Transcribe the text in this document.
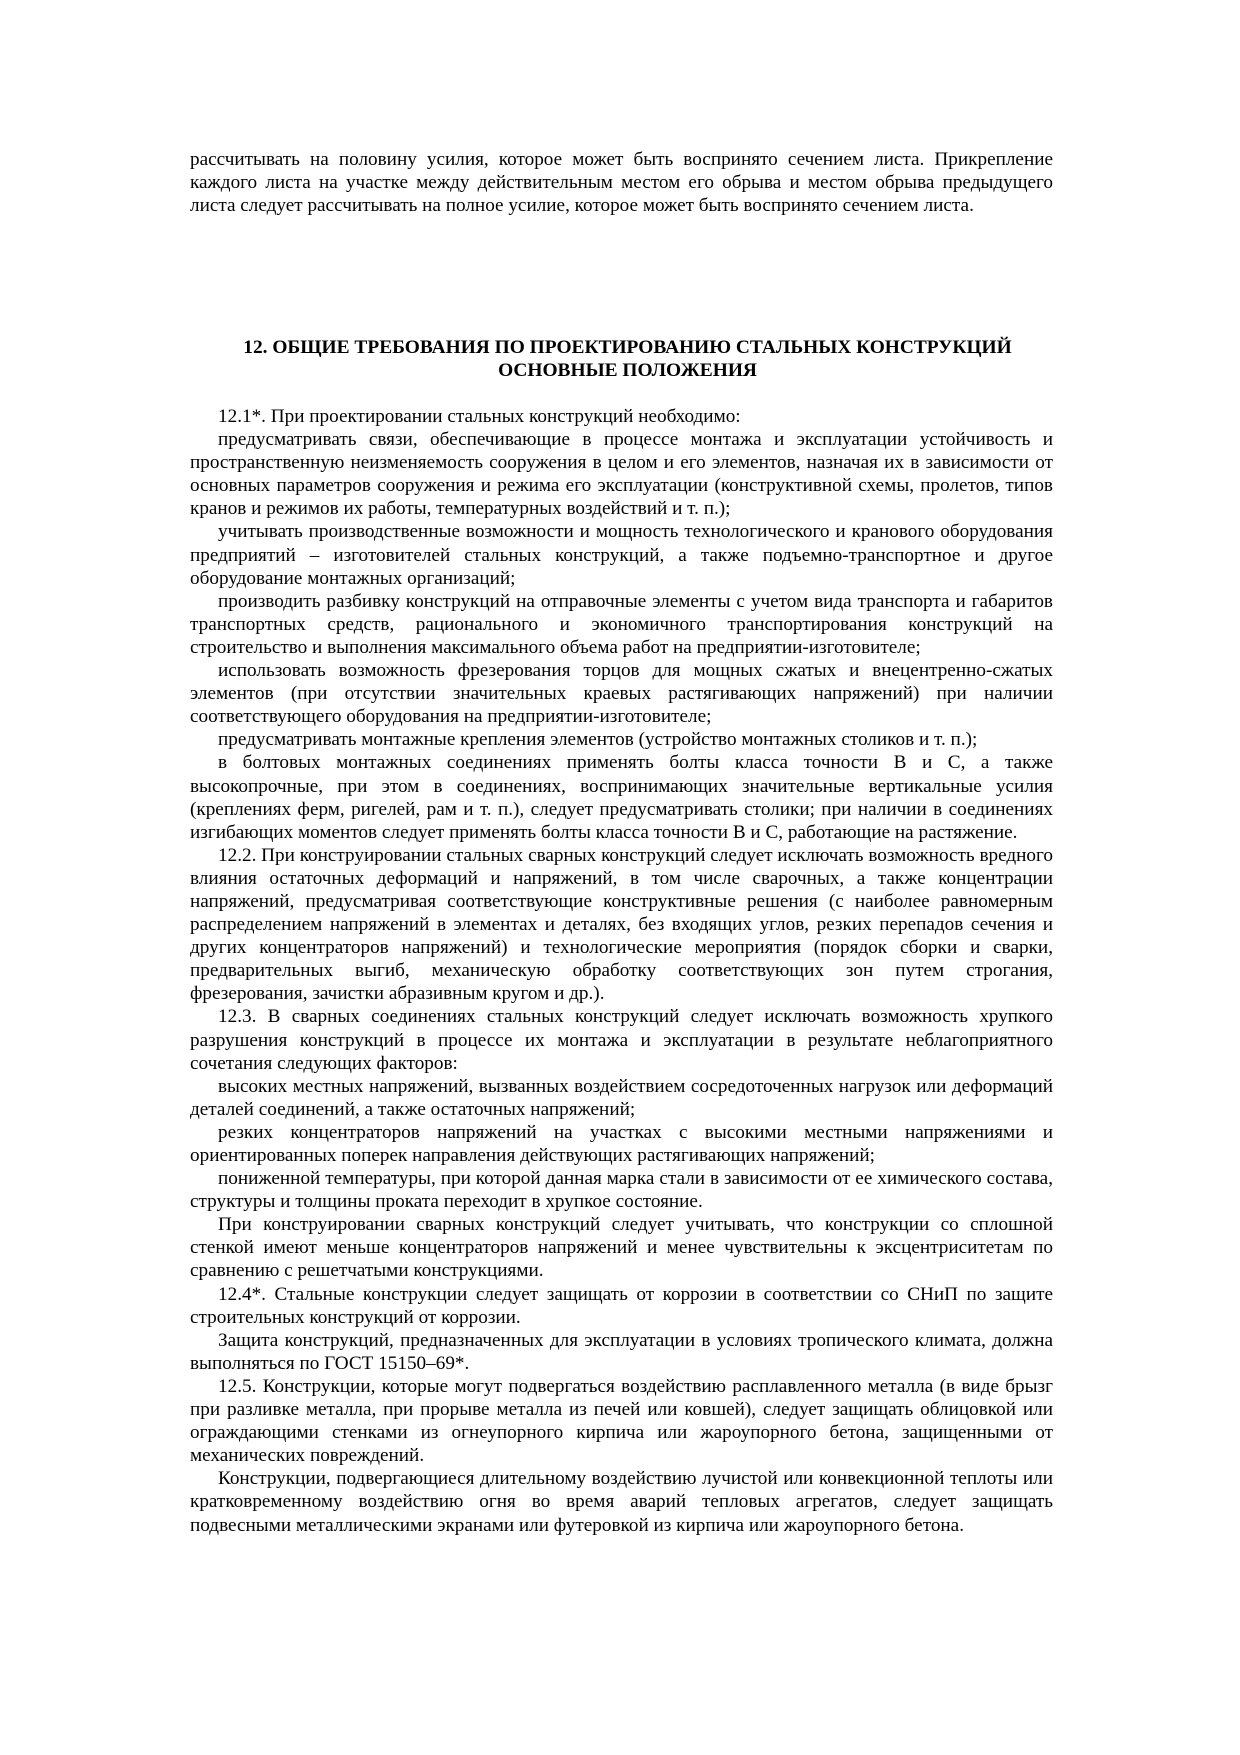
рассчитывать на половину усилия, которое может быть воспринято сечением листа. Прикрепление каждого листа на участке между действительным местом его обрыва и местом обрыва предыдущего листа следует рассчитывать на полное усилие, которое может быть воспринято сечением листа.

12. ОБЩИЕ ТРЕБОВАНИЯ ПО ПРОЕКТИРОВАНИЮ СТАЛЬНЫХ КОНСТРУКЦИЙ
ОСНОВНЫЕ ПОЛОЖЕНИЯ

12.1*. При проектировании стальных конструкций необходимо:

предусматривать связи, обеспечивающие в процессе монтажа и эксплуатации устойчивость и пространственную неизменяемость сооружения в целом и его элементов, назначая их в зависимости от основных параметров сооружения и режима его эксплуатации (конструктивной схемы, пролетов, типов кранов и режимов их работы, температурных воздействий и т. п.);

учитывать производственные возможности и мощность технологического и кранового оборудования предприятий – изготовителей стальных конструкций, а также подъемно-транспортное и другое оборудование монтажных организаций;

производить разбивку конструкций на отправочные элементы с учетом вида транспорта и габаритов транспортных средств, рационального и экономичного транспортирования конструкций на строительство и выполнения максимального объема работ на предприятии-изготовителе;

использовать возможность фрезерования торцов для мощных сжатых и внецентренно-сжатых элементов (при отсутствии значительных краевых растягивающих напряжений) при наличии соответствующего оборудования на предприятии-изготовителе;

предусматривать монтажные крепления элементов (устройство монтажных столиков и т. п.);

в болтовых монтажных соединениях применять болты класса точности В и С, а также высокопрочные, при этом в соединениях, воспринимающих значительные вертикальные усилия (креплениях ферм, ригелей, рам и т. п.), следует предусматривать столики; при наличии в соединениях изгибающих моментов следует применять болты класса точности В и С, работающие на растяжение.

12.2. При конструировании стальных сварных конструкций следует исключать возможность вредного влияния остаточных деформаций и напряжений, в том числе сварочных, а также концентрации напряжений, предусматривая соответствующие конструктивные решения (с наиболее равномерным распределением напряжений в элементах и деталях, без входящих углов, резких перепадов сечения и других концентраторов напряжений) и технологические мероприятия (порядок сборки и сварки, предварительных выгиб, механическую обработку соответствующих зон путем строгания, фрезерования, зачистки абразивным кругом и др.).

12.3. В сварных соединениях стальных конструкций следует исключать возможность хрупкого разрушения конструкций в процессе их монтажа и эксплуатации в результате неблагоприятного сочетания следующих факторов:

высоких местных напряжений, вызванных воздействием сосредоточенных нагрузок или деформаций деталей соединений, а также остаточных напряжений;

резких концентраторов напряжений на участках с высокими местными напряжениями и ориентированных поперек направления действующих растягивающих напряжений;

пониженной температуры, при которой данная марка стали в зависимости от ее химического состава, структуры и толщины проката переходит в хрупкое состояние.

При конструировании сварных конструкций следует учитывать, что конструкции со сплошной стенкой имеют меньше концентраторов напряжений и менее чувствительны к эксцентриситетам по сравнению с решетчатыми конструкциями.

12.4*. Стальные конструкции следует защищать от коррозии в соответствии со СНиП по защите строительных конструкций от коррозии.

Защита конструкций, предназначенных для эксплуатации в условиях тропического климата, должна выполняться по ГОСТ 15150–69*.

12.5. Конструкции, которые могут подвергаться воздействию расплавленного металла (в виде брызг при разливке металла, при прорыве металла из печей или ковшей), следует защищать облицовкой или ограждающими стенками из огнеупорного кирпича или жароупорного бетона, защищенными от механических повреждений.

Конструкции, подвергающиеся длительному воздействию лучистой или конвекционной теплоты или кратковременному воздействию огня во время аварий тепловых агрегатов, следует защищать подвесными металлическими экранами или футеровкой из кирпича или жароупорного бетона.
